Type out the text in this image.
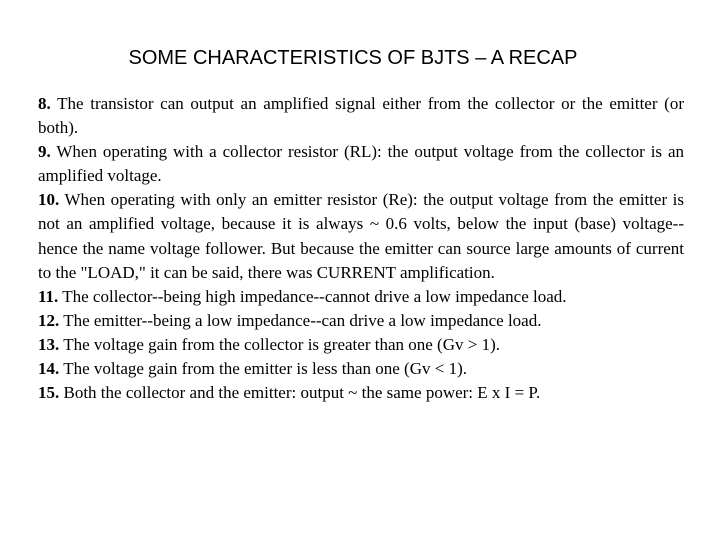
SOME CHARACTERISTICS OF BJTS – A RECAP

8. The transistor can output an amplified signal either from the collector or the emitter (or both).

9. When operating with a collector resistor (RL): the output voltage from the collector is an amplified voltage.

10. When operating with only an emitter resistor (Re): the output voltage from the emitter is not an amplified voltage, because it is always ~ 0.6 volts, below the input (base) voltage--hence the name voltage follower. But because the emitter can source large amounts of current to the "LOAD," it can be said, there was CURRENT amplification.

11. The collector--being high impedance--cannot drive a low impedance load.

12. The emitter--being a low impedance--can drive a low impedance load.

13. The voltage gain from the collector is greater than one (Gv > 1).

14. The voltage gain from the emitter is less than one (Gv < 1).

15. Both the collector and the emitter: output ~ the same power: E x I = P.
